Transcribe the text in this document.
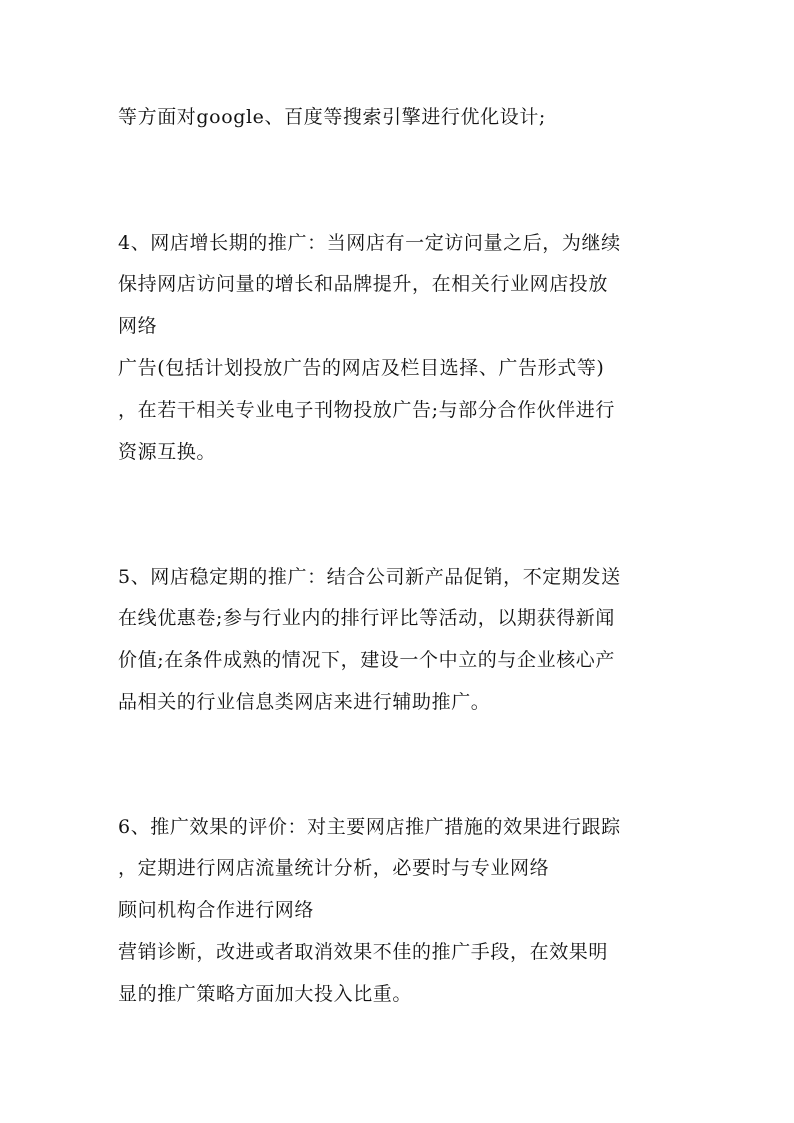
等方面对google、百度等搜索引擎进行优化设计;
4、网店增长期的推广：当网店有一定访问量之后，为继续
保持网店访问量的增长和品牌提升，在相关行业网店投放
网络
广告(包括计划投放广告的网店及栏目选择、广告形式等)
，在若干相关专业电子刊物投放广告;与部分合作伙伴进行
资源互换。
5、网店稳定期的推广：结合公司新产品促销，不定期发送
在线优惠卷;参与行业内的排行评比等活动，以期获得新闻
价值;在条件成熟的情况下，建设一个中立的与企业核心产
品相关的行业信息类网店来进行辅助推广。
6、推广效果的评价：对主要网店推广措施的效果进行跟踪
，定期进行网店流量统计分析，必要时与专业网络
顾问机构合作进行网络
营销诊断，改进或者取消效果不佳的推广手段，在效果明
显的推广策略方面加大投入比重。
